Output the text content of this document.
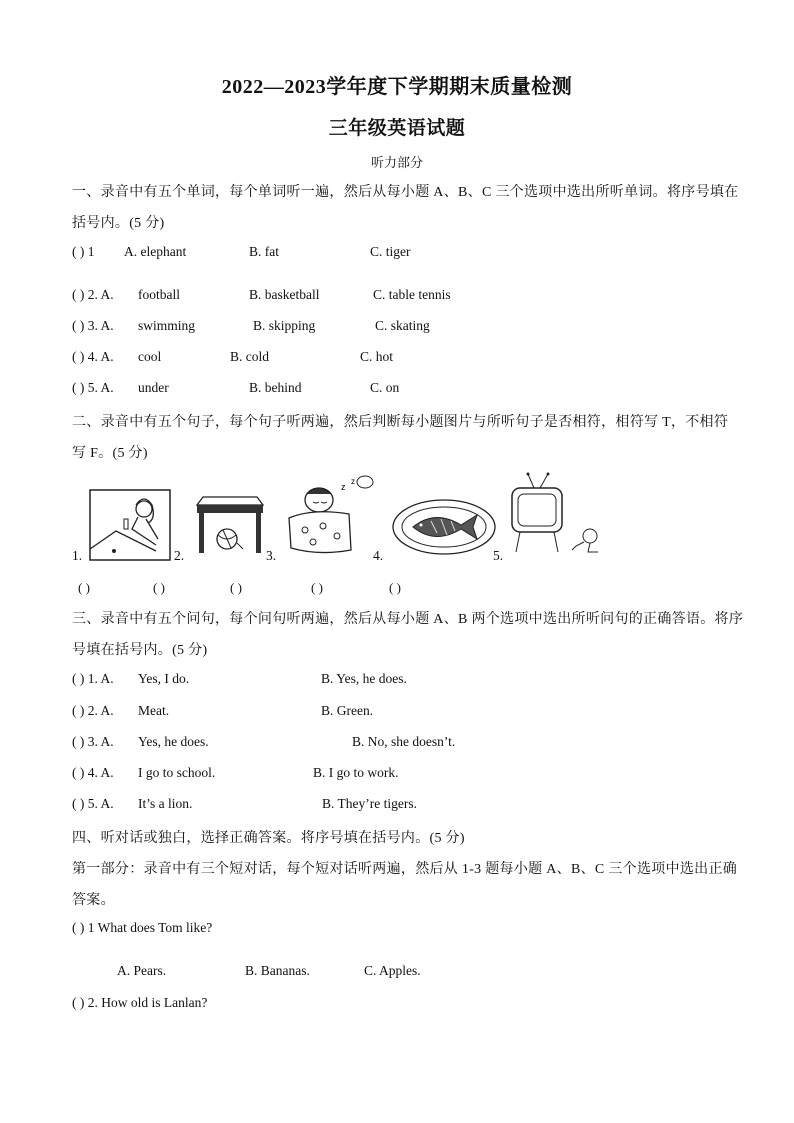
2022—2023学年度下学期期末质量检测
三年级英语试题
听力部分
一、录音中有五个单词，每个单词听一遍，然后从每小题 A、B、C 三个选项中选出所听单词。将序号填在
括号内。(5 分)
( ) 1 A. elephant	B. fat	C. tiger
( ) 2. A. football	B. basketball	C. table tennis
( ) 3. A. swimming	B. skipping	C. skating
( ) 4. A. cool	B. cold	C. hot
( ) 5. A. under	B. behind	C. on
二、录音中有五个句子，每个句子听两遍，然后判断每小题图片与所听句子是否相符，相符写 T，不相符
写 F。(5 分)
1.	2.	3.
z
z
4.	5.
( )	( )	( )	( )	( )
三、录音中有五个问句，每个问句听两遍，然后从每小题 A、B 两个选项中选出所听问句的正确答语。将序
号填在括号内。(5 分)
( ) 1. A. Yes, I do.	B. Yes, he does.
( ) 2. A. Meat.	B. Green.
( ) 3. A. Yes, he does.	B. No, she doesn’t.
( ) 4. A. I go to school.	B. I go to work.
( ) 5. A. It’s a lion.	B. They’re tigers.
四、听对话或独白，选择正确答案。将序号填在括号内。(5 分)
第一部分：录音中有三个短对话，每个短对话听两遍，然后从 1-3 题每小题 A、B、C 三个选项中选出正确
答案。
( ) 1 What does Tom like?
A. Pears.	B. Bananas.	C. Apples.
( ) 2. How old is Lanlan?
